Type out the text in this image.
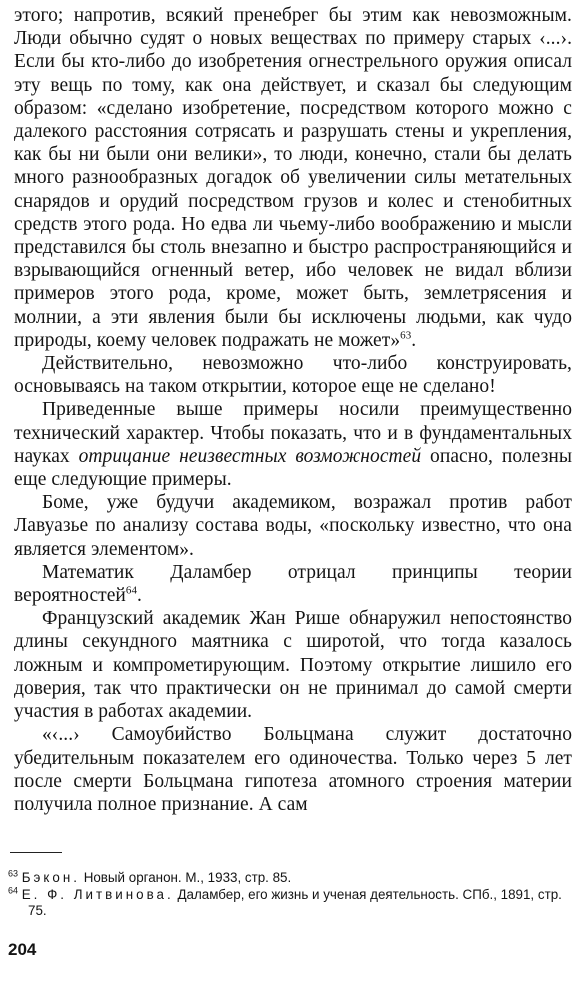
этого; напротив, всякий пренебрег бы этим как невозможным. Люди обычно судят о новых веществах по примеру старых ‹...›. Если бы кто-либо до изобретения огнестрельного оружия описал эту вещь по тому, как она действует, и сказал бы следующим образом: «сделано изобретение, посредством которого можно с далекого расстояния сотрясать и разрушать стены и укрепления, как бы ни были они велики», то люди, конечно, стали бы делать много разнообразных догадок об увеличении силы метательных снарядов и орудий посредством грузов и колес и стенобитных средств этого рода. Но едва ли чьему-либо воображению и мысли представился бы столь внезапно и быстро распространяющийся и взрывающийся огненный ветер, ибо человек не видал вблизи примеров этого рода, кроме, может быть, землетрясения и молнии, а эти явления были бы исключены людьми, как чудо природы, коему человек подражать не может»$^{63}$.

Действительно, невозможно что-либо конструировать, основываясь на таком открытии, которое еще не сделано!

Приведенные выше примеры носили преимущественно технический характер. Чтобы показать, что и в фундаментальных науках отрицание неизвестных возможностей опасно, полезны еще следующие примеры.

Боме, уже будучи академиком, возражал против работ Лавуазье по анализу состава воды, «поскольку известно, что она является элементом».

Математик Даламбер отрицал принципы теории вероятностей$^{64}$.

Французский академик Жан Рише обнаружил непостоянство длины секундного маятника с широтой, что тогда казалось ложным и компрометирующим. Поэтому открытие лишило его доверия, так что практически он не принимал до самой смерти участия в работах академии.

«‹...› Самоубийство Больцмана служит достаточно убедительным показателем его одиночества. Только через 5 лет после смерти Больцмана гипотеза атомного строения материи получила полное признание. А сам

$^{63}$ Бэкон. Новый органон. М., 1933, стр. 85.
$^{64}$ Е. Ф. Литвинова. Даламбер, его жизнь и ученая деятельность. СПб., 1891, стр. 75.
204
